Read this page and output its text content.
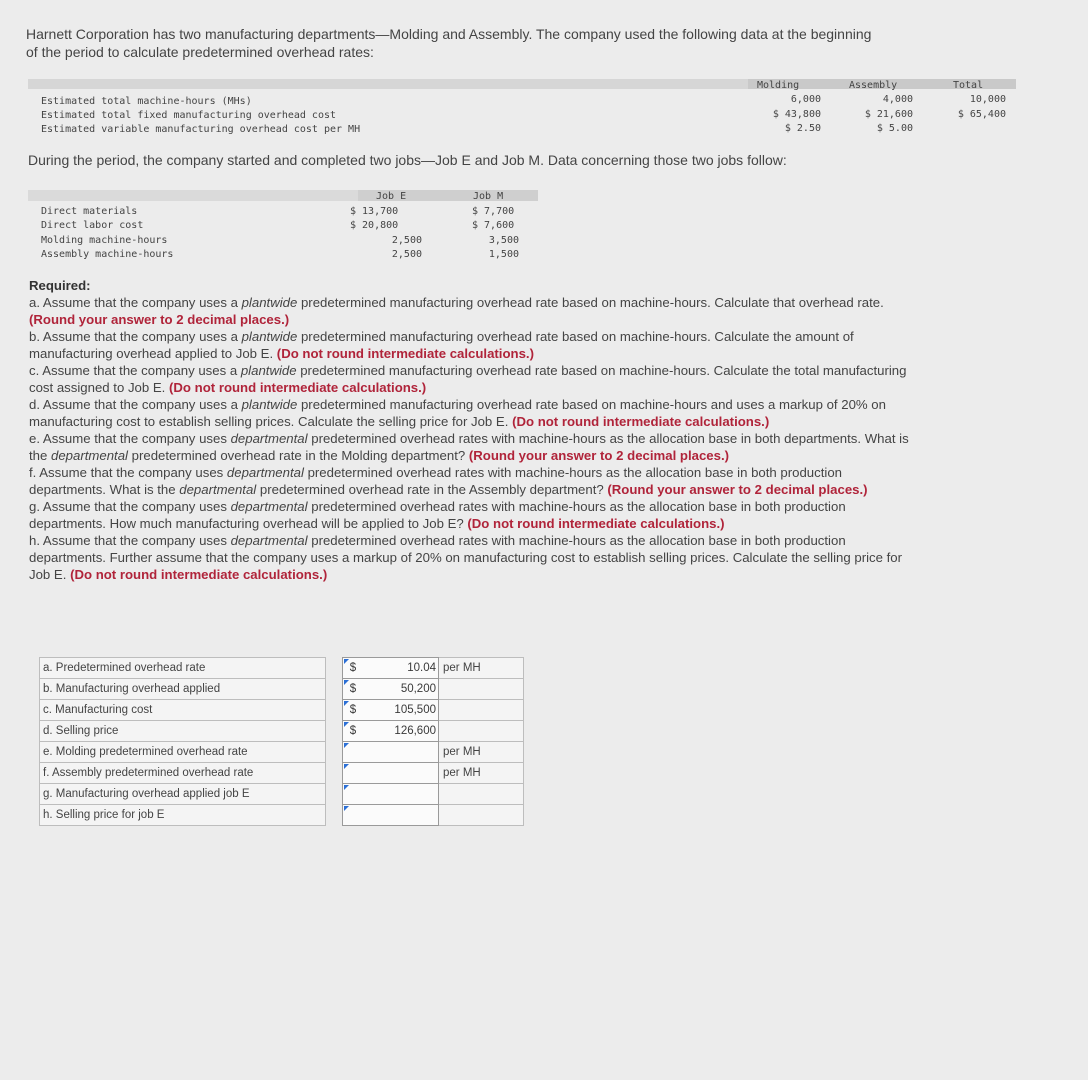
Harnett Corporation has two manufacturing departments—Molding and Assembly. The company used the following data at the beginning of the period to calculate predetermined overhead rates:
Molding	Assembly	Total
Estimated total machine-hours (MHs)	6,000	4,000	10,000
Estimated total fixed manufacturing overhead cost	$ 43,800	$ 21,600	$ 65,400
Estimated variable manufacturing overhead cost per MH	$ 2.50	$ 5.00
During the period, the company started and completed two jobs—Job E and Job M. Data concerning those two jobs follow:
Job E	Job M
Direct materials	$ 13,700	$ 7,700
Direct labor cost	$ 20,800	$ 7,600
Molding machine-hours	2,500	3,500
Assembly machine-hours	2,500	1,500

Required:

a. Assume that the company uses a plantwide predetermined manufacturing overhead rate based on machine-hours. Calculate that overhead rate. (Round your answer to 2 decimal places.)

b. Assume that the company uses a plantwide predetermined manufacturing overhead rate based on machine-hours. Calculate the amount of manufacturing overhead applied to Job E. (Do not round intermediate calculations.)

c. Assume that the company uses a plantwide predetermined manufacturing overhead rate based on machine-hours. Calculate the total manufacturing cost assigned to Job E. (Do not round intermediate calculations.)

d. Assume that the company uses a plantwide predetermined manufacturing overhead rate based on machine-hours and uses a markup of 20% on manufacturing cost to establish selling prices. Calculate the selling price for Job E. (Do not round intermediate calculations.)

e. Assume that the company uses departmental predetermined overhead rates with machine-hours as the allocation base in both departments. What is the departmental predetermined overhead rate in the Molding department? (Round your answer to 2 decimal places.)

f. Assume that the company uses departmental predetermined overhead rates with machine-hours as the allocation base in both production departments. What is the departmental predetermined overhead rate in the Assembly department? (Round your answer to 2 decimal places.)

g. Assume that the company uses departmental predetermined overhead rates with machine-hours as the allocation base in both production departments. How much manufacturing overhead will be applied to Job E? (Do not round intermediate calculations.)

h. Assume that the company uses departmental predetermined overhead rates with machine-hours as the allocation base in both production departments. Further assume that the company uses a markup of 20% on manufacturing cost to establish selling prices. Calculate the selling price for Job E. (Do not round intermediate calculations.)

a. Predetermined overhead rate		$	10.04	per MH
b. Manufacturing overhead applied		$	50,200	
c. Manufacturing cost		$	105,500	
d. Selling price		$	126,600	
e. Molding predetermined overhead rate				per MH
f. Assembly predetermined overhead rate				per MH
g. Manufacturing overhead applied job E				
h. Selling price for job E				
